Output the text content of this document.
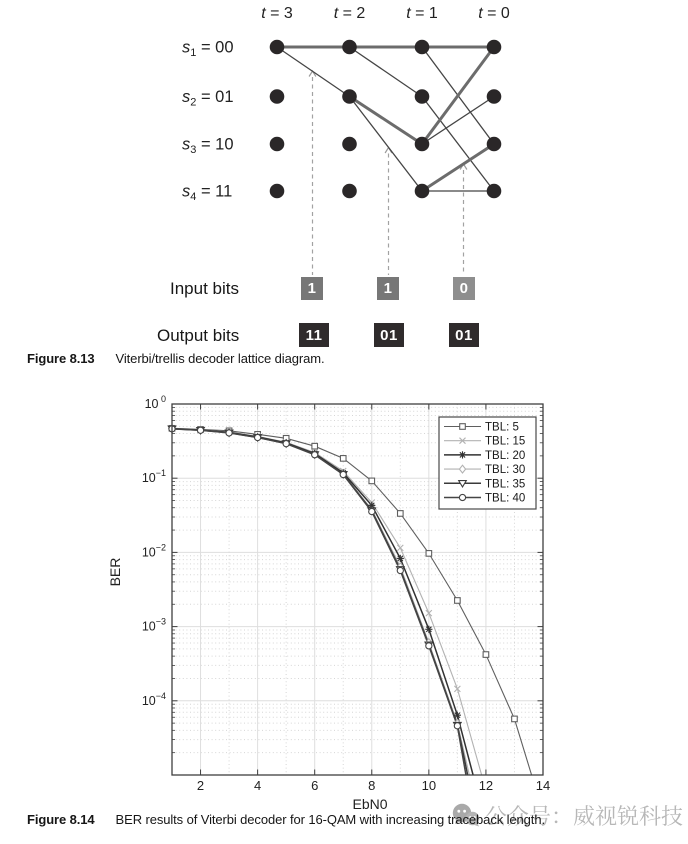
t = 3	t = 2	t = 1	t = 0
$s_1 = 00$
$s_2 = 01$
$s_3 = 10$
$s_4 = 11$
Input bits	1	1	0
Output bits	11	01	01
Figure 8.13 Viterbi/trellis decoder lattice diagram.
2	4	6	8	10	12	14
10 $^0$
$10^{-1}$
$10^{-2}$
$10^{-3}$
$10^{-4}$
EbN0
BER
TBL: 5
TBL: 15
TBL: 20
TBL: 30
TBL: 35
TBL: 40
Figure 8.14 BER results of Viterbi decoder for 16-QAM with increasing traceback length.
公众号：威视锐科技
